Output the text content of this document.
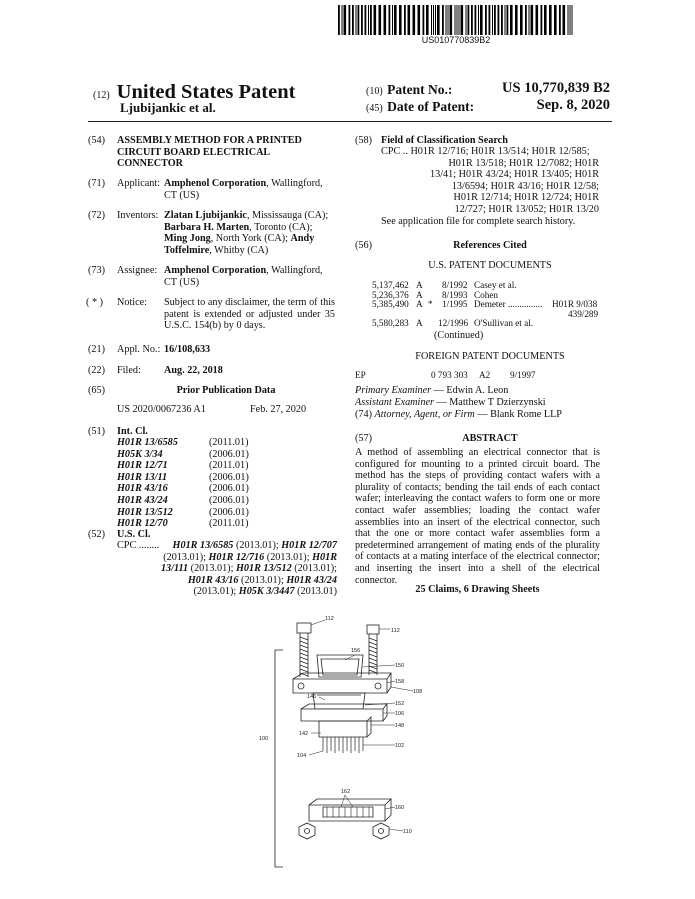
US010770839B2
(12) United States Patent
Ljubijankic et al.
(10) Patent No.:	US 10,770,839 B2
(45) Date of Patent:	Sep. 8, 2020
(54) ASSEMBLY METHOD FOR A PRINTED
CIRCUIT BOARD ELECTRICAL
CONNECTOR
(71) Applicant: Amphenol Corporation, Wallingford,
CT (US)
(72) Inventors: Zlatan Ljubijankic, Mississauga (CA);
Barbara H. Marten, Toronto (CA);
Ming Jong, North York (CA); Andy
Toffelmire, Whitby (CA)
(73) Assignee: Amphenol Corporation, Wallingford,
CT (US)
( * ) Notice: Subject to any disclaimer, the term of this patent is extended or adjusted under 35 U.S.C. 154(b) by 0 days.
(21) Appl. No.: 16/108,633
(22) Filed: Aug. 22, 2018
(65)	Prior Publication Data
US 2020/0067236 A1	Feb. 27, 2020
(51) Int. Cl.
H01R 13/6585	(2011.01)
H05K 3/34	(2006.01)
H01R 12/71	(2011.01)
H01R 13/11	(2006.01)
H01R 43/16	(2006.01)
H01R 43/24	(2006.01)
H01R 13/512	(2006.01)
H01R 12/70	(2011.01)
(52) U.S. Cl.
CPC ........	H01R 13/6585 (2013.01); H01R 12/707
(2013.01); H01R 12/716 (2013.01); H01R
13/111 (2013.01); H01R 13/512 (2013.01);
H01R 43/16 (2013.01); H01R 43/24
(2013.01); H05K 3/3447 (2013.01)
(58) Field of Classification Search
CPC .. H01R 12/716; H01R 13/514; H01R 12/585;
H01R 13/518; H01R 12/7082; H01R
13/41; H01R 43/24; H01R 13/405; H01R
13/6594; H01R 43/16; H01R 12/58;
H01R 12/714; H01R 12/724; H01R
12/727; H01R 13/052; H01R 13/20
See application file for complete search history.
(56)	References Cited
U.S. PATENT DOCUMENTS
5,137,462 A 8/1992 Casey et al.
5,236,376 A 8/1993 Cohen
5,385,490 A * 1/1995 Demeter ............... H01R 9/038
439/289
5,580,283 A 12/1996 O'Sullivan et al.
(Continued)
FOREIGN PATENT DOCUMENTS
EP	0 793 303 A2 9/1997
Primary Examiner — Edwin A. Leon
Assistant Examiner — Matthew T Dzierzynski
(74) Attorney, Agent, or Firm — Blank Rome LLP
(57)	ABSTRACT
A method of assembling an electrical connector that is configured for mounting to a printed circuit board. The method has the steps of providing contact wafers with a plurality of contacts; bending the tail ends of each contact wafer; interleaving the contact wafers to form one or more contact wafer assemblies; loading the contact wafer assemblies into an insert of the electrical connector, such that the one or more contact wafer assemblies form a predetermined arrangement of mating ends of the plurality of contacts at a mating interface of the electrical connector; and inserting the insert into a shell of the electrical connector.
25 Claims, 6 Drawing Sheets
112
112
156
150
158
108
146
152
106
148
142
102
104
100
162
160
110
